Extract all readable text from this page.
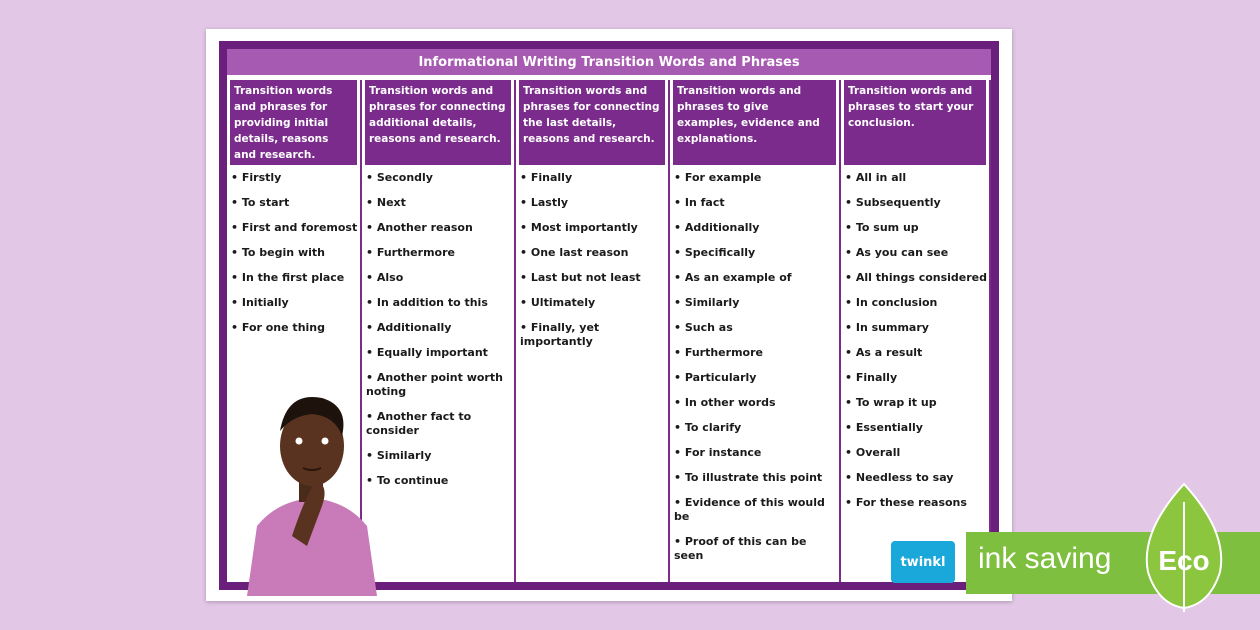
Informational Writing Transition Words and Phrases
Transition words and phrases for providing initial details, reasons and research.
• Firstly
• To start
• First and foremost
• To begin with
• In the first place
• Initially
• For one thing
Transition words and phrases for connecting additional details, reasons and research.
• Secondly
• Next
• Another reason
• Furthermore
• Also
• In addition to this
• Additionally
• Equally important
• Another point worth noting
• Another fact to consider
• Similarly
• To continue
Transition words and phrases for connecting the last details, reasons and research.
• Finally
• Lastly
• Most importantly
• One last reason
• Last but not least
• Ultimately
• Finally, yet importantly
Transition words and phrases to give examples, evidence and explanations.
• For example
• In fact
• Additionally
• Specifically
• As an example of
• Similarly
• Such as
• Furthermore
• Particularly
• In other words
• To clarify
• For instance
• To illustrate this point
• Evidence of this would be
• Proof of this can be seen
Transition words and phrases to start your conclusion.
• All in all
• Subsequently
• To sum up
• As you can see
• All things considered
• In conclusion
• In summary
• As a result
• Finally
• To wrap it up
• Essentially
• Overall
• Needless to say
• For these reasons
twinkl	ink saving Eco
